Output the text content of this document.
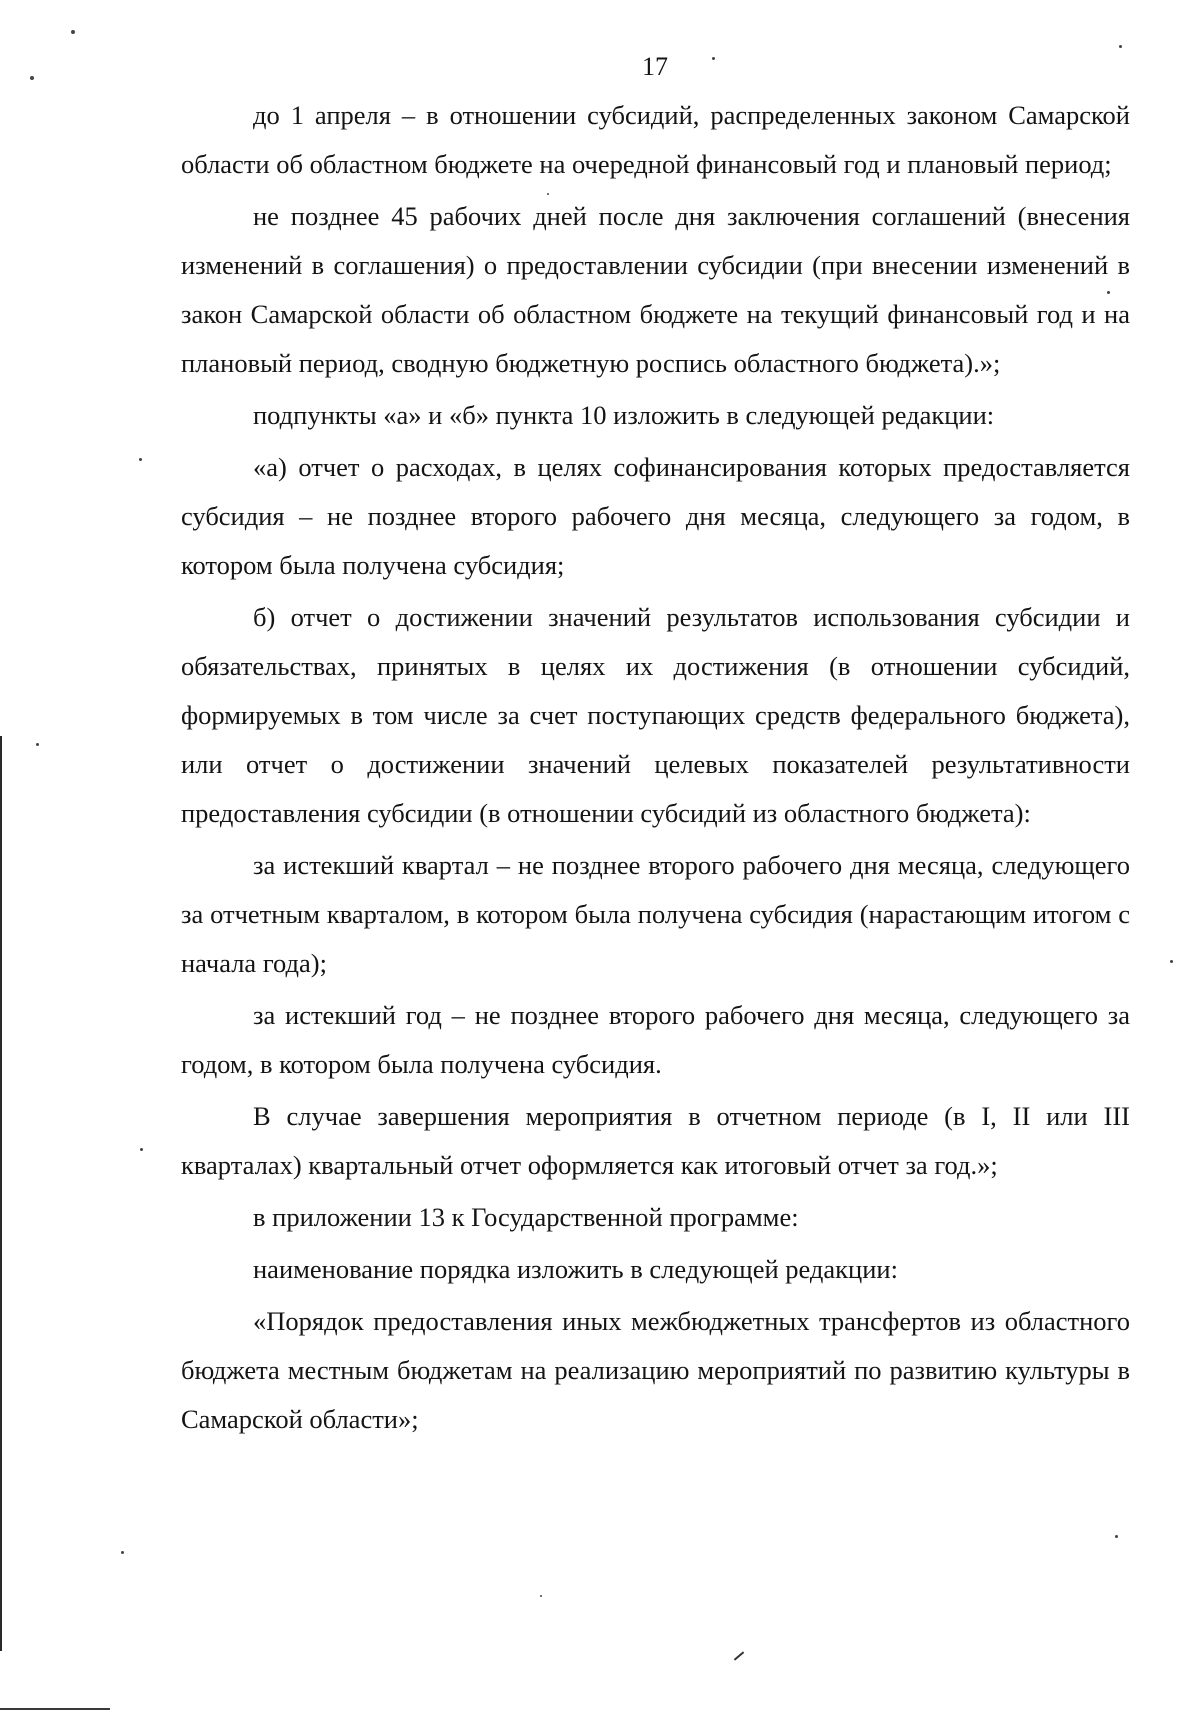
17

до 1 апреля – в отношении субсидий, распределенных законом Самарской области об областном бюджете на очередной финансовый год и плановый период;

не позднее 45 рабочих дней после дня заключения соглашений (внесения изменений в соглашения) о предоставлении субсидии (при внесении изменений в закон Самарской области об областном бюджете на текущий финансовый год и на плановый период, сводную бюджетную роспись областного бюджета).»;

подпункты «а» и «б» пункта 10 изложить в следующей редакции:

«а) отчет о расходах, в целях софинансирования которых предоставляется субсидия – не позднее второго рабочего дня месяца, следующего за годом, в котором была получена субсидия;

б) отчет о достижении значений результатов использования субсидии и обязательствах, принятых в целях их достижения (в отношении субсидий, формируемых в том числе за счет поступающих средств федерального бюджета), или отчет о достижении значений целевых показателей результативности предоставления субсидии (в отношении субсидий из областного бюджета):

за истекший квартал – не позднее второго рабочего дня месяца, следующего за отчетным кварталом, в котором была получена субсидия (нарастающим итогом с начала года);

за истекший год – не позднее второго рабочего дня месяца, следующего за годом, в котором была получена субсидия.

В случае завершения мероприятия в отчетном периоде (в I, II или III кварталах) квартальный отчет оформляется как итоговый отчет за год.»;

в приложении 13 к Государственной программе:

наименование порядка изложить в следующей редакции:

«Порядок предоставления иных межбюджетных трансфертов из областного бюджета местным бюджетам на реализацию мероприятий по развитию культуры в Самарской области»;
